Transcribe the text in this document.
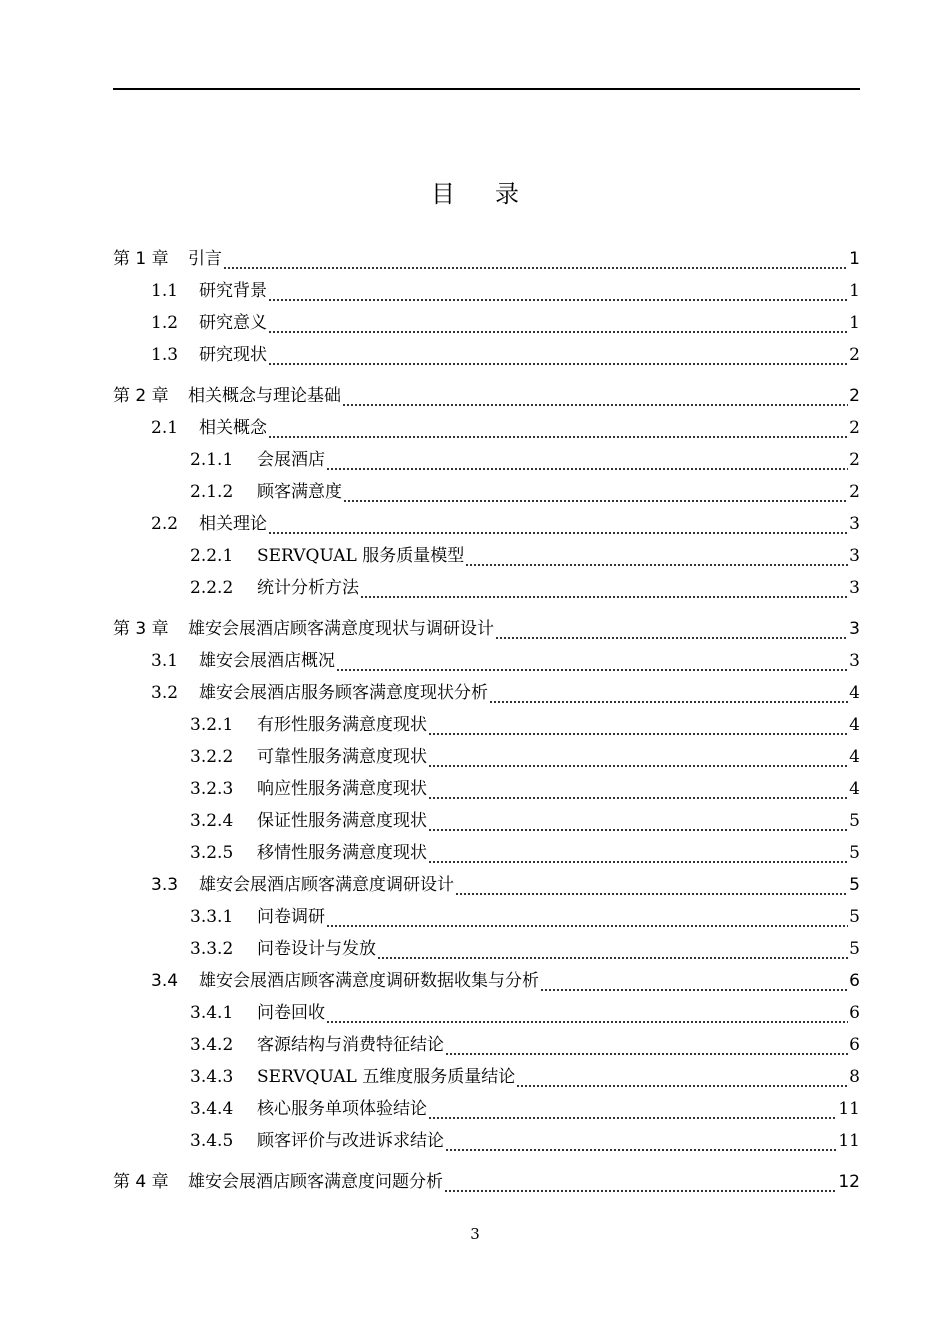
目录
第 1 章	引言	1
1.1	研究背景	1
1.2	研究意义	1
1.3	研究现状	2
第 2 章	相关概念与理论基础	2
2.1	相关概念	2
2.1.1	会展酒店	2
2.1.2	顾客满意度	2
2.2	相关理论	3
2.2.1	SERVQUAL 服务质量模型	3
2.2.2	统计分析方法	3
第 3 章	雄安会展酒店顾客满意度现状与调研设计	3
3.1	雄安会展酒店概况	3
3.2	雄安会展酒店服务顾客满意度现状分析	4
3.2.1	有形性服务满意度现状	4
3.2.2	可靠性服务满意度现状	4
3.2.3	响应性服务满意度现状	4
3.2.4	保证性服务满意度现状	5
3.2.5	移情性服务满意度现状	5
3.3	雄安会展酒店顾客满意度调研设计	5
3.3.1	问卷调研	5
3.3.2	问卷设计与发放	5
3.4	雄安会展酒店顾客满意度调研数据收集与分析	6
3.4.1	问卷回收	6
3.4.2	客源结构与消费特征结论	6
3.4.3	SERVQUAL 五维度服务质量结论	8
3.4.4	核心服务单项体验结论	11
3.4.5	顾客评价与改进诉求结论	11
第 4 章	雄安会展酒店顾客满意度问题分析	12
3
